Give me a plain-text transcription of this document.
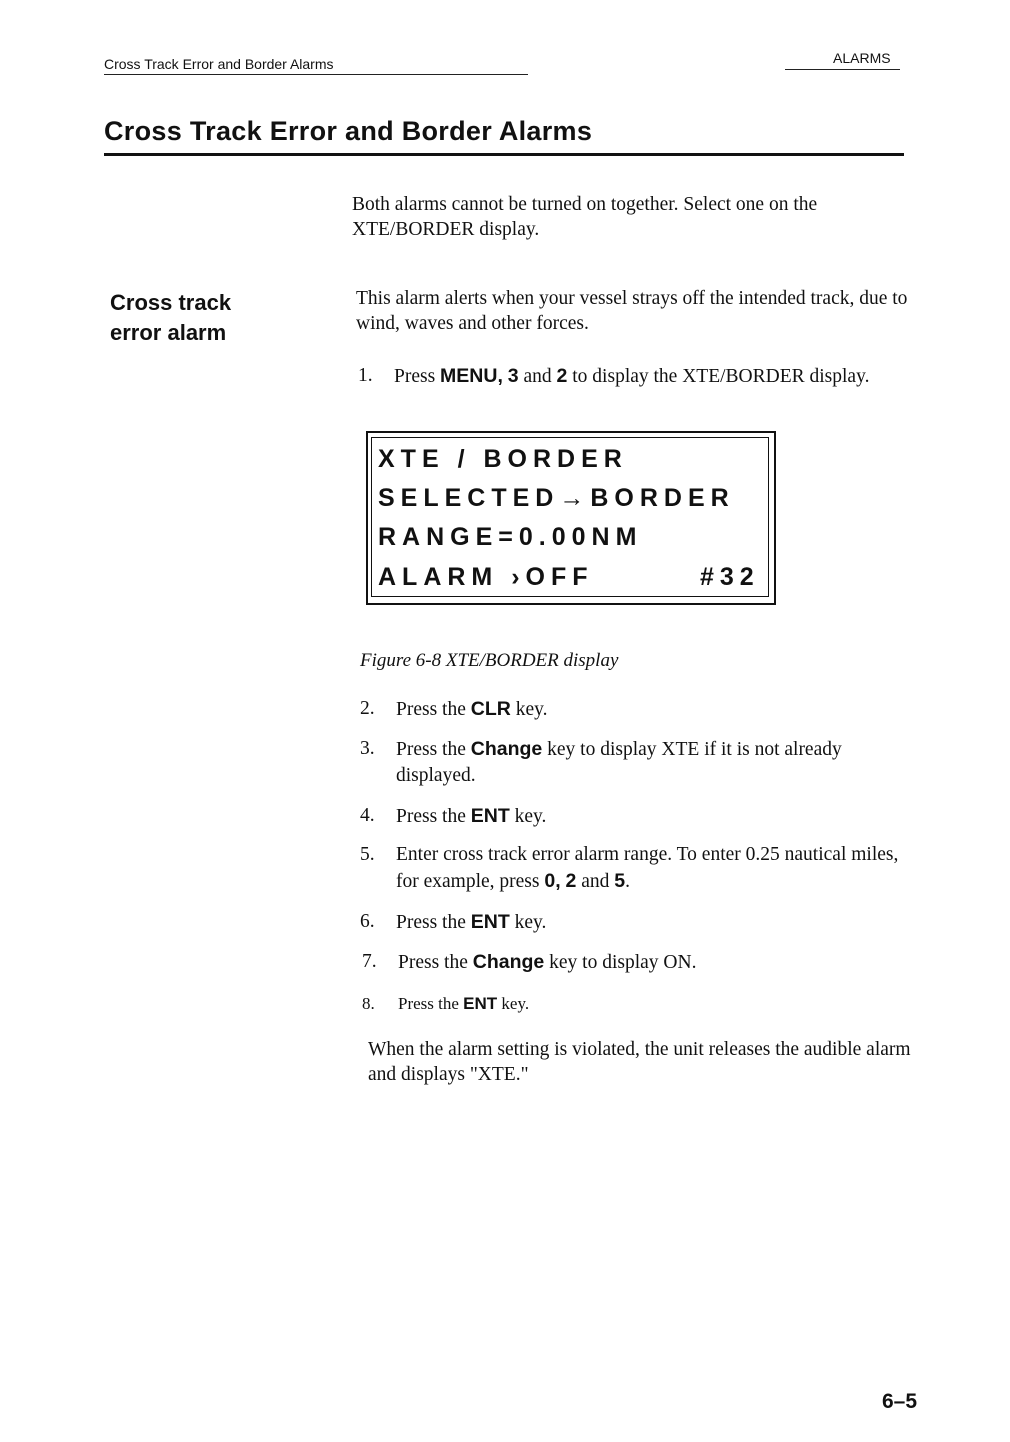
Cross Track Error and Border Alarms	ALARMS
Cross Track Error and Border Alarms
Both alarms cannot be turned on together. Select one on the XTE/BORDER display.
Cross track
error alarm
This alarm alerts when your vessel strays off the intended track, due to wind, waves and other forces.
1. Press MENU, 3 and 2 to display the XTE/BORDER display.
XTE / BORDER
SELECTED→BORDER
RANGE=0.00NM
ALARM ›OFF	#32
Figure 6-8 XTE/BORDER display
2. Press the CLR key.
3. Press the Change key to display XTE if it is not already displayed.
4. Press the ENT key.
5. Enter cross track error alarm range. To enter 0.25 nautical miles, for example, press 0, 2 and 5.
6. Press the ENT key.
7. Press the Change key to display ON.
8. Press the ENT key.
When the alarm setting is violated, the unit releases the audible alarm and displays "XTE."
6–5
